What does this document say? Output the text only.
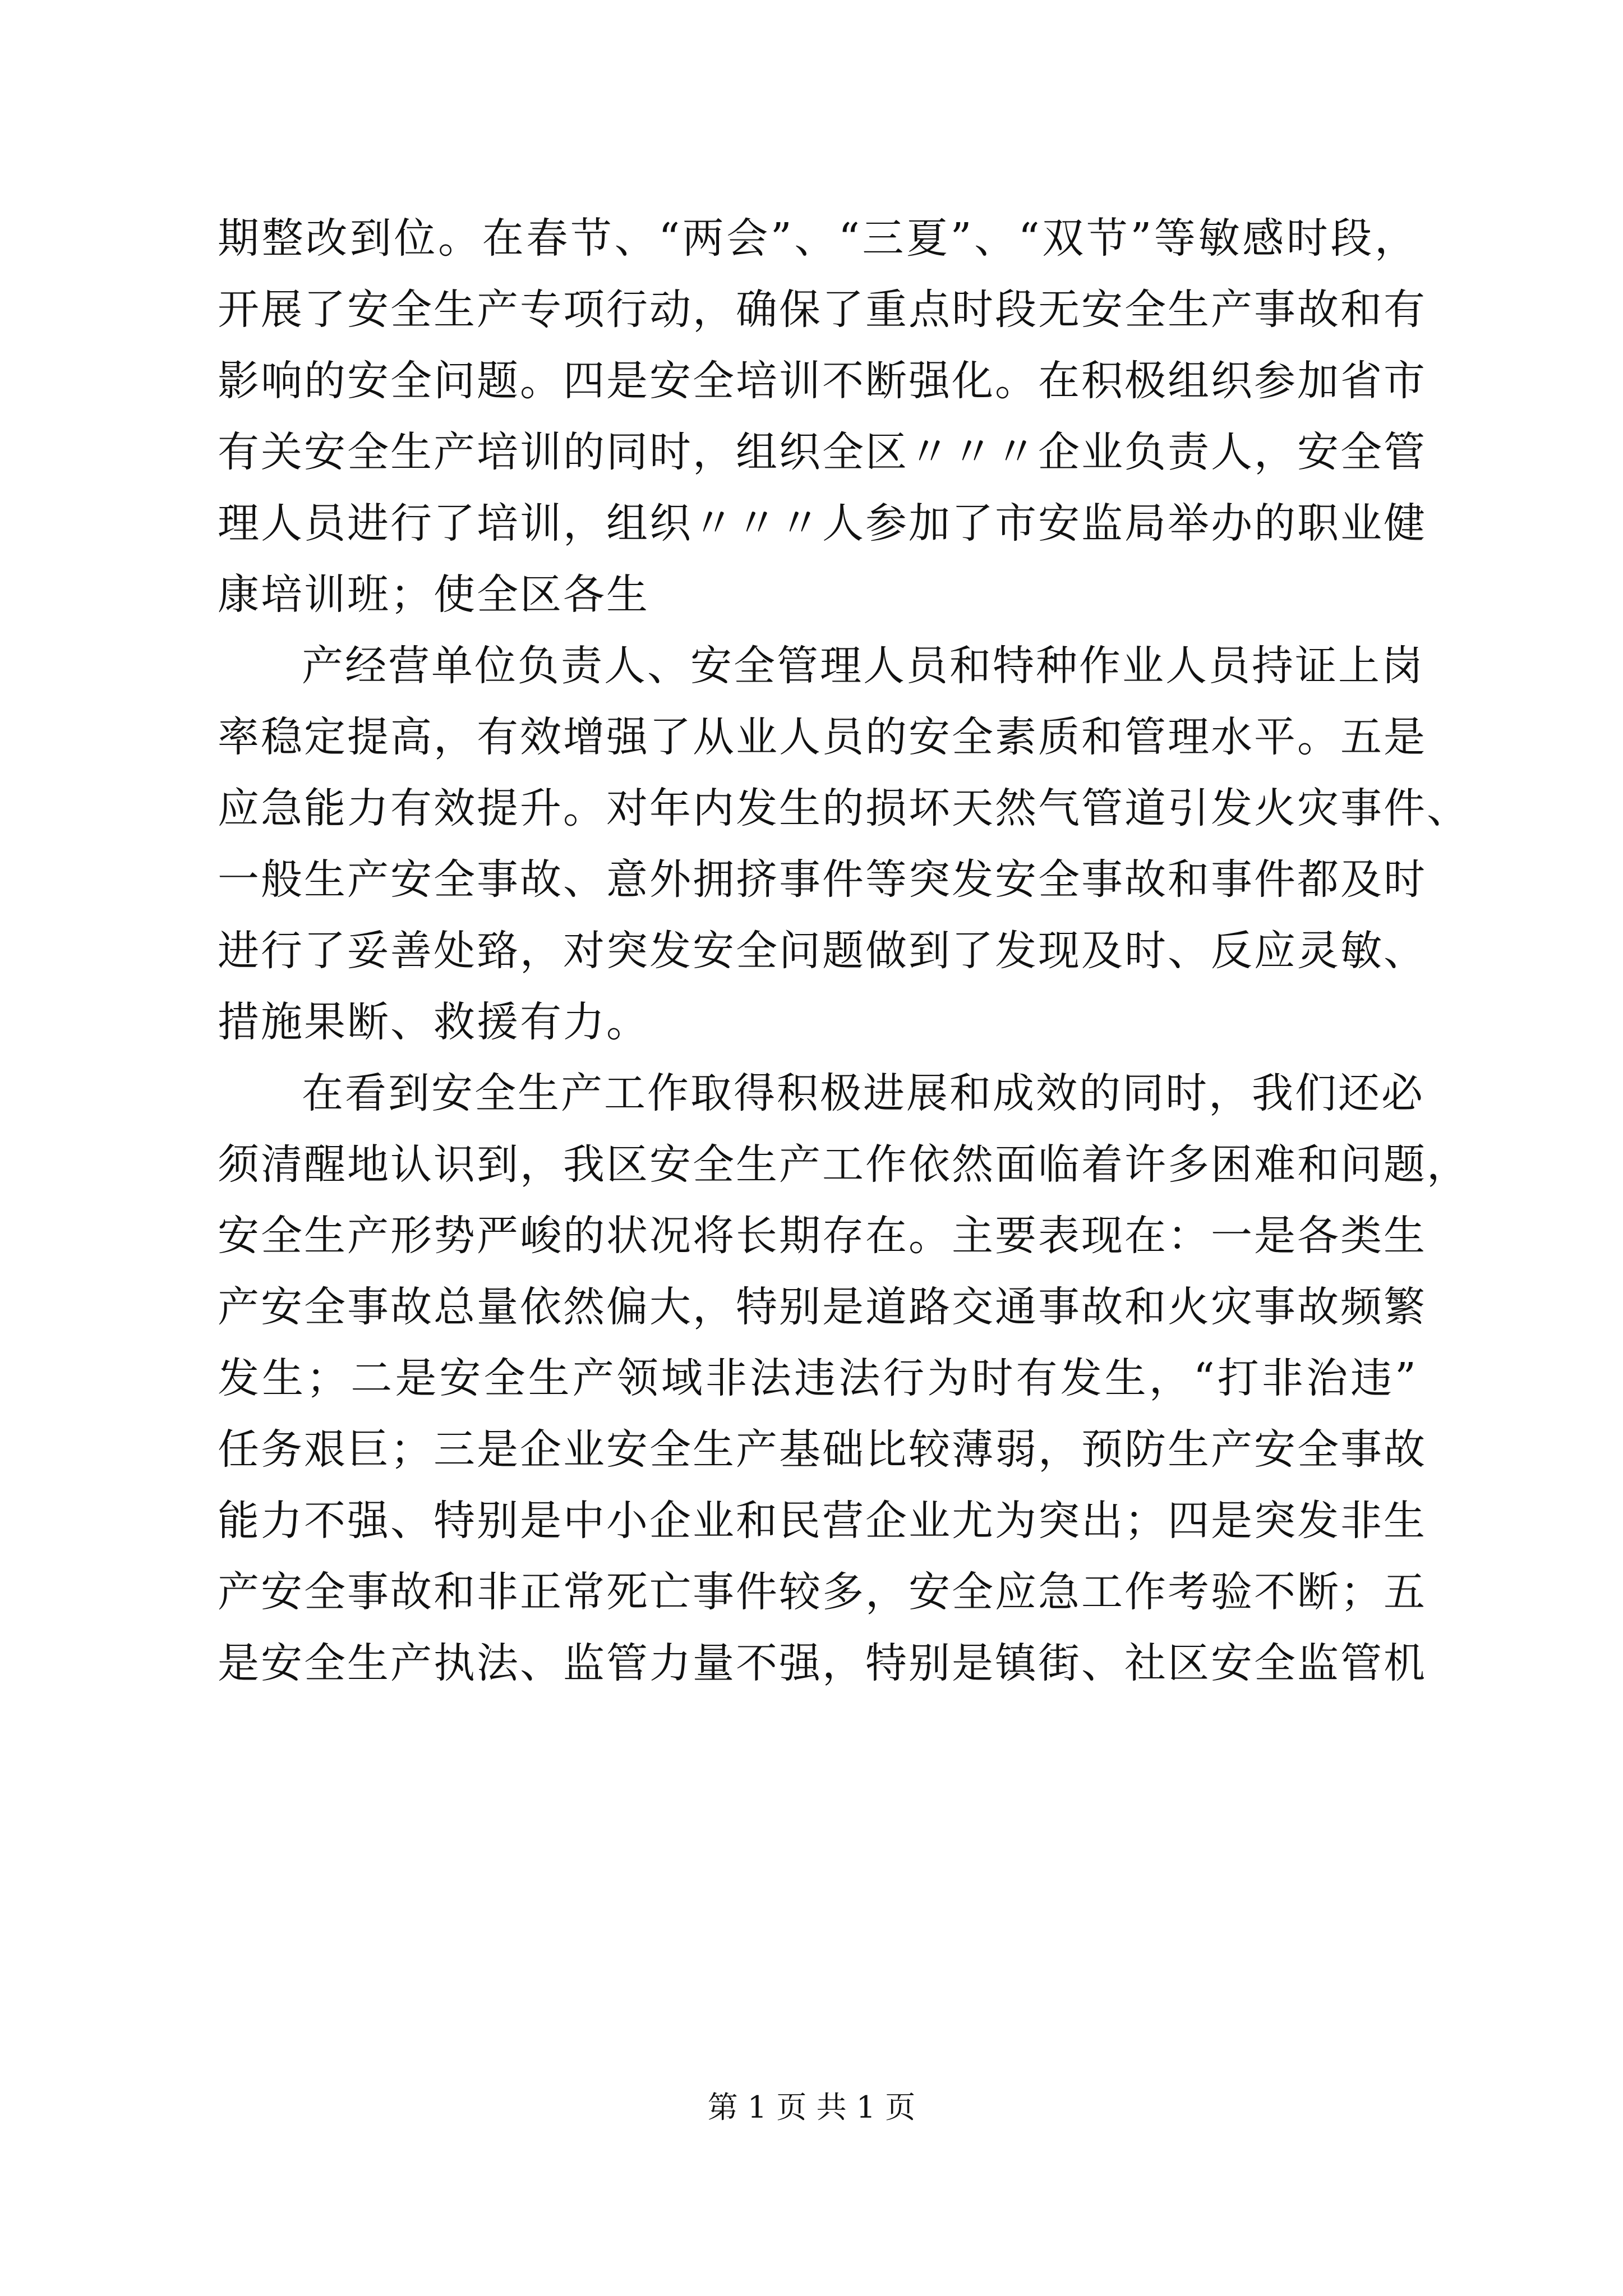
期整改到位。在春节、“两会”、“三夏”、“双节”等敏感时段，
开展了安全生产专项行动，确保了重点时段无安全生产事故和有
影响的安全问题。四是安全培训不断强化。在积极组织参加省市
有关安全生产培训的同时，组织全区〃〃〃企业负责人，安全管
理人员进行了培训，组织〃〃〃人参加了市安监局举办的职业健
康培训班；使全区各生
产经营单位负责人、安全管理人员和特种作业人员持证上岗
率稳定提高，有效增强了从业人员的安全素质和管理水平。五是
应急能力有效提升。对年内发生的损坏天然气管道引发火灾事件、
一般生产安全事故、意外拥挤事件等突发安全事故和事件都及时
进行了妥善处臵，对突发安全问题做到了发现及时、反应灵敏、
措施果断、救援有力。
在看到安全生产工作取得积极进展和成效的同时，我们还必
须清醒地认识到，我区安全生产工作依然面临着许多困难和问题，
安全生产形势严峻的状况将长期存在。主要表现在：一是各类生
产安全事故总量依然偏大，特别是道路交通事故和火灾事故频繁
发生；二是安全生产领域非法违法行为时有发生，“打非治违”
任务艰巨；三是企业安全生产基础比较薄弱，预防生产安全事故
能力不强、特别是中小企业和民营企业尤为突出；四是突发非生
产安全事故和非正常死亡事件较多，安全应急工作考验不断；五
是安全生产执法、监管力量不强，特别是镇街、社区安全监管机
第 1 页 共 1 页
